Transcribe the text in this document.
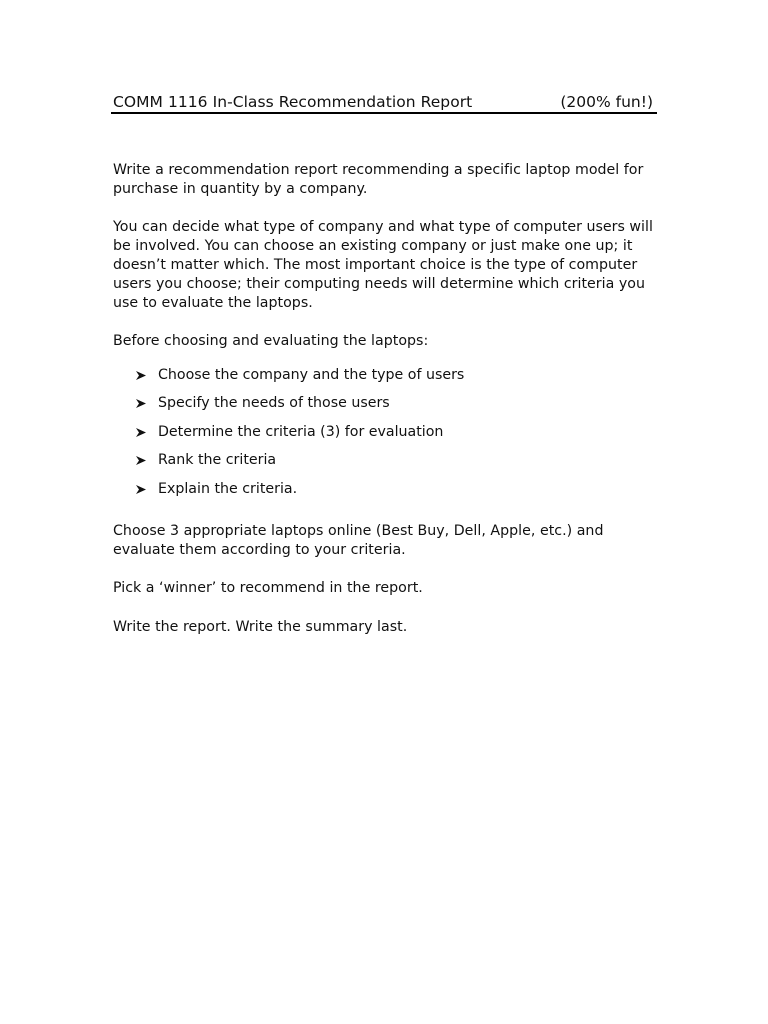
COMM 1116 In-Class Recommendation Report	(200% fun!)

Write a recommendation report recommending a specific laptop model for purchase in quantity by a company.

You can decide what type of company and what type of computer users will be involved. You can choose an existing company or just make one up; it doesn’t matter which. The most important choice is the type of computer users you choose; their computing needs will determine which criteria you use to evaluate the laptops.

Before choosing and evaluating the laptops:

Choose the company and the type of users
Specify the needs of those users
Determine the criteria (3) for evaluation
Rank the criteria
Explain the criteria.

Choose 3 appropriate laptops online (Best Buy, Dell, Apple, etc.) and evaluate them according to your criteria.

Pick a ‘winner’ to recommend in the report.

Write the report. Write the summary last.
